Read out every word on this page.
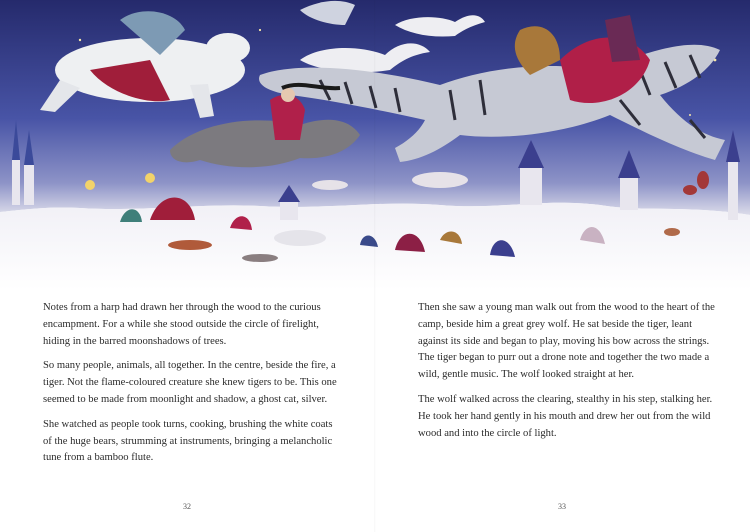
Notes from a harp had drawn her through the wood to the curious encampment. For a while she stood outside the circle of firelight, hiding in the barred moonshadows of trees.

So many people, animals, all together. In the centre, beside the fire, a tiger. Not the flame-coloured creature she knew tigers to be. This one seemed to be made from moonlight and shadow, a ghost cat, silver.

She watched as people took turns, cooking, brushing the white coats of the huge bears, strumming at instruments, bringing a melancholic tune from a bamboo flute.

Then she saw a young man walk out from the wood to the heart of the camp, beside him a great grey wolf. He sat beside the tiger, leant against its side and began to play, moving his bow across the strings. The tiger began to purr out a drone note and together the two made a wild, gentle music. The wolf looked straight at her.

The wolf walked across the clearing, stealthy in his step, stalking her. He took her hand gently in his mouth and drew her out from the wild wood and into the circle of light.

32	33
